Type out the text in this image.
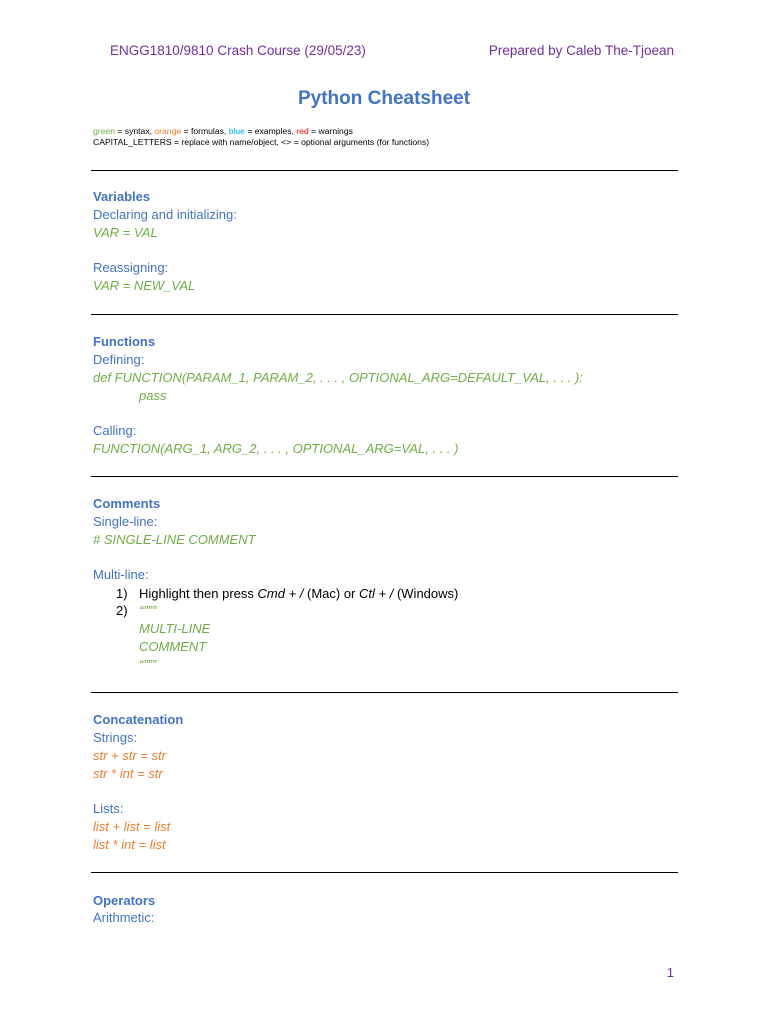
ENGG1810/9810 Crash Course (29/05/23)	Prepared by Caleb The-Tjoean
Python Cheatsheet
green = syntax, orange = formulas, blue = examples, red = warnings
CAPITAL_LETTERS = replace with name/object, <> = optional arguments (for functions)
Variables
Declaring and initializing:
VAR = VAL
Reassigning:
VAR = NEW_VAL
Functions
Defining:
def FUNCTION(PARAM_1, PARAM_2, . . . , OPTIONAL_ARG=DEFAULT_VAL, . . . ):
pass
Calling:
FUNCTION(ARG_1, ARG_2, . . . , OPTIONAL_ARG=VAL, . . . )
Comments
Single-line:
# SINGLE-LINE COMMENT
Multi-line:
1) Highlight then press Cmd + / (Mac) or Ctl + / (Windows)
2) “”””
MULTI-LINE
COMMENT
“”””
Concatenation
Strings:
str + str = str
str * int = str
Lists:
list + list = list
list * int = list
Operators
Arithmetic:
1
